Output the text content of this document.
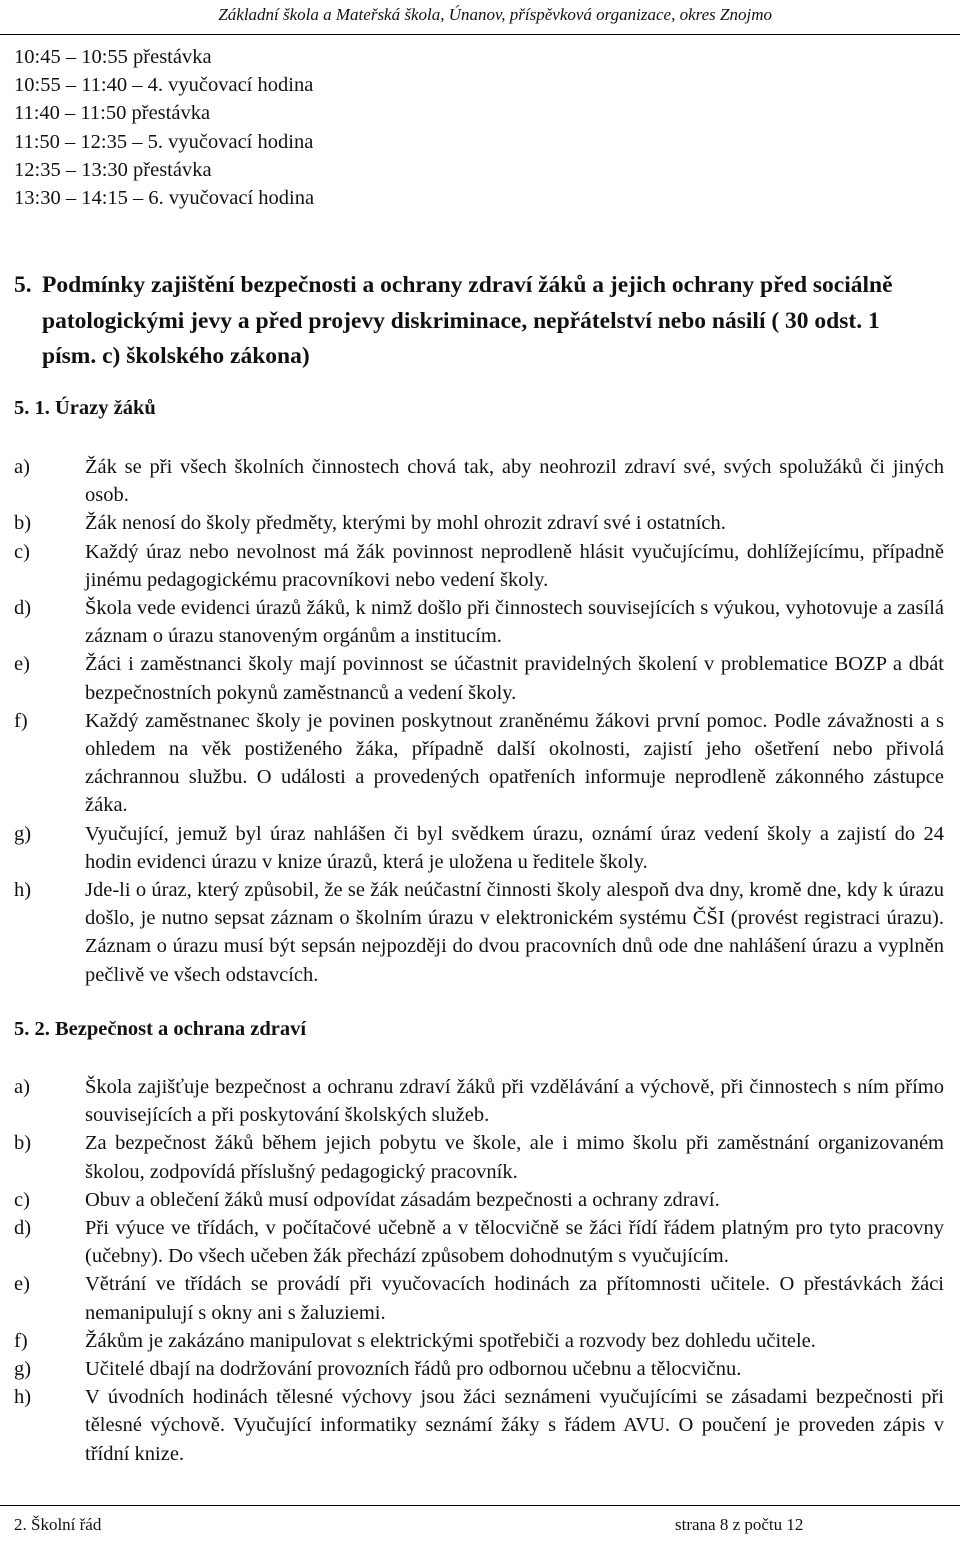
Základní škola a Mateřská škola, Únanov, příspěvková organizace, okres Znojmo
10:45 – 10:55 přestávka
10:55 – 11:40 – 4. vyučovací hodina
11:40 – 11:50 přestávka
11:50 – 12:35 – 5. vyučovací hodina
12:35 – 13:30 přestávka
13:30 – 14:15 – 6. vyučovací hodina
5. Podmínky zajištění bezpečnosti a ochrany zdraví žáků a jejich ochrany před sociálně patologickými jevy a před projevy diskriminace, nepřátelství nebo násilí ( 30 odst. 1 písm. c) školského zákona)
5. 1. Úrazy žáků
a)	Žák se při všech školních činnostech chová tak, aby neohrozil zdraví své, svých spolužáků či jiných osob.
b)	Žák nenosí do školy předměty, kterými by mohl ohrozit zdraví své i ostatních.
c)	Každý úraz nebo nevolnost má žák povinnost neprodleně hlásit vyučujícímu, dohlížejícímu, případně jinému pedagogickému pracovníkovi nebo vedení školy.
d)	Škola vede evidenci úrazů žáků, k nimž došlo při činnostech souvisejících s výukou, vyhotovuje a zasílá záznam o úrazu stanoveným orgánům a institucím.
e)	Žáci i zaměstnanci školy mají povinnost se účastnit pravidelných školení v problematice BOZP a dbát bezpečnostních pokynů zaměstnanců a vedení školy.
f)	Každý zaměstnanec školy je povinen poskytnout zraněnému žákovi první pomoc. Podle závažnosti a s ohledem na věk postiženého žáka, případně další okolnosti, zajistí jeho ošetření nebo přivolá záchrannou službu. O události a provedených opatřeních informuje neprodleně zákonného zástupce žáka.
g)	Vyučující, jemuž byl úraz nahlášen či byl svědkem úrazu, oznámí úraz vedení školy a zajistí do 24 hodin evidenci úrazu v knize úrazů, která je uložena u ředitele školy.
h)	Jde-li o úraz, který způsobil, že se žák neúčastní činnosti školy alespoň dva dny, kromě dne, kdy k úrazu došlo, je nutno sepsat záznam o školním úrazu v elektronickém systému ČŠI (provést registraci úrazu). Záznam o úrazu musí být sepsán nejpozději do dvou pracovních dnů ode dne nahlášení úrazu a vyplněn pečlivě ve všech odstavcích.
5. 2. Bezpečnost a ochrana zdraví
a)	Škola zajišťuje bezpečnost a ochranu zdraví žáků při vzdělávání a výchově, při činnostech s ním přímo souvisejících a při poskytování školských služeb.
b)	Za bezpečnost žáků během jejich pobytu ve škole, ale i mimo školu při zaměstnání organizovaném školou, zodpovídá příslušný pedagogický pracovník.
c)	Obuv a oblečení žáků musí odpovídat zásadám bezpečnosti a ochrany zdraví.
d)	Při výuce ve třídách, v počítačové učebně a v tělocvičně se žáci řídí řádem platným pro tyto pracovny (učebny). Do všech učeben žák přechází způsobem dohodnutým s vyučujícím.
e)	Větrání ve třídách se provádí při vyučovacích hodinách za přítomnosti učitele. O přestávkách žáci nemanipulují s okny ani s žaluziemi.
f)	Žákům je zakázáno manipulovat s elektrickými spotřebiči a rozvody bez dohledu učitele.
g)	Učitelé dbají na dodržování provozních řádů pro odbornou učebnu a tělocvičnu.
h)	V úvodních hodinách tělesné výchovy jsou žáci seznámeni vyučujícími se zásadami bezpečnosti při tělesné výchově. Vyučující informatiky seznámí žáky s řádem AVU. O poučení je proveden zápis v třídní knize.
2. Školní řád	strana 8 z počtu 12
